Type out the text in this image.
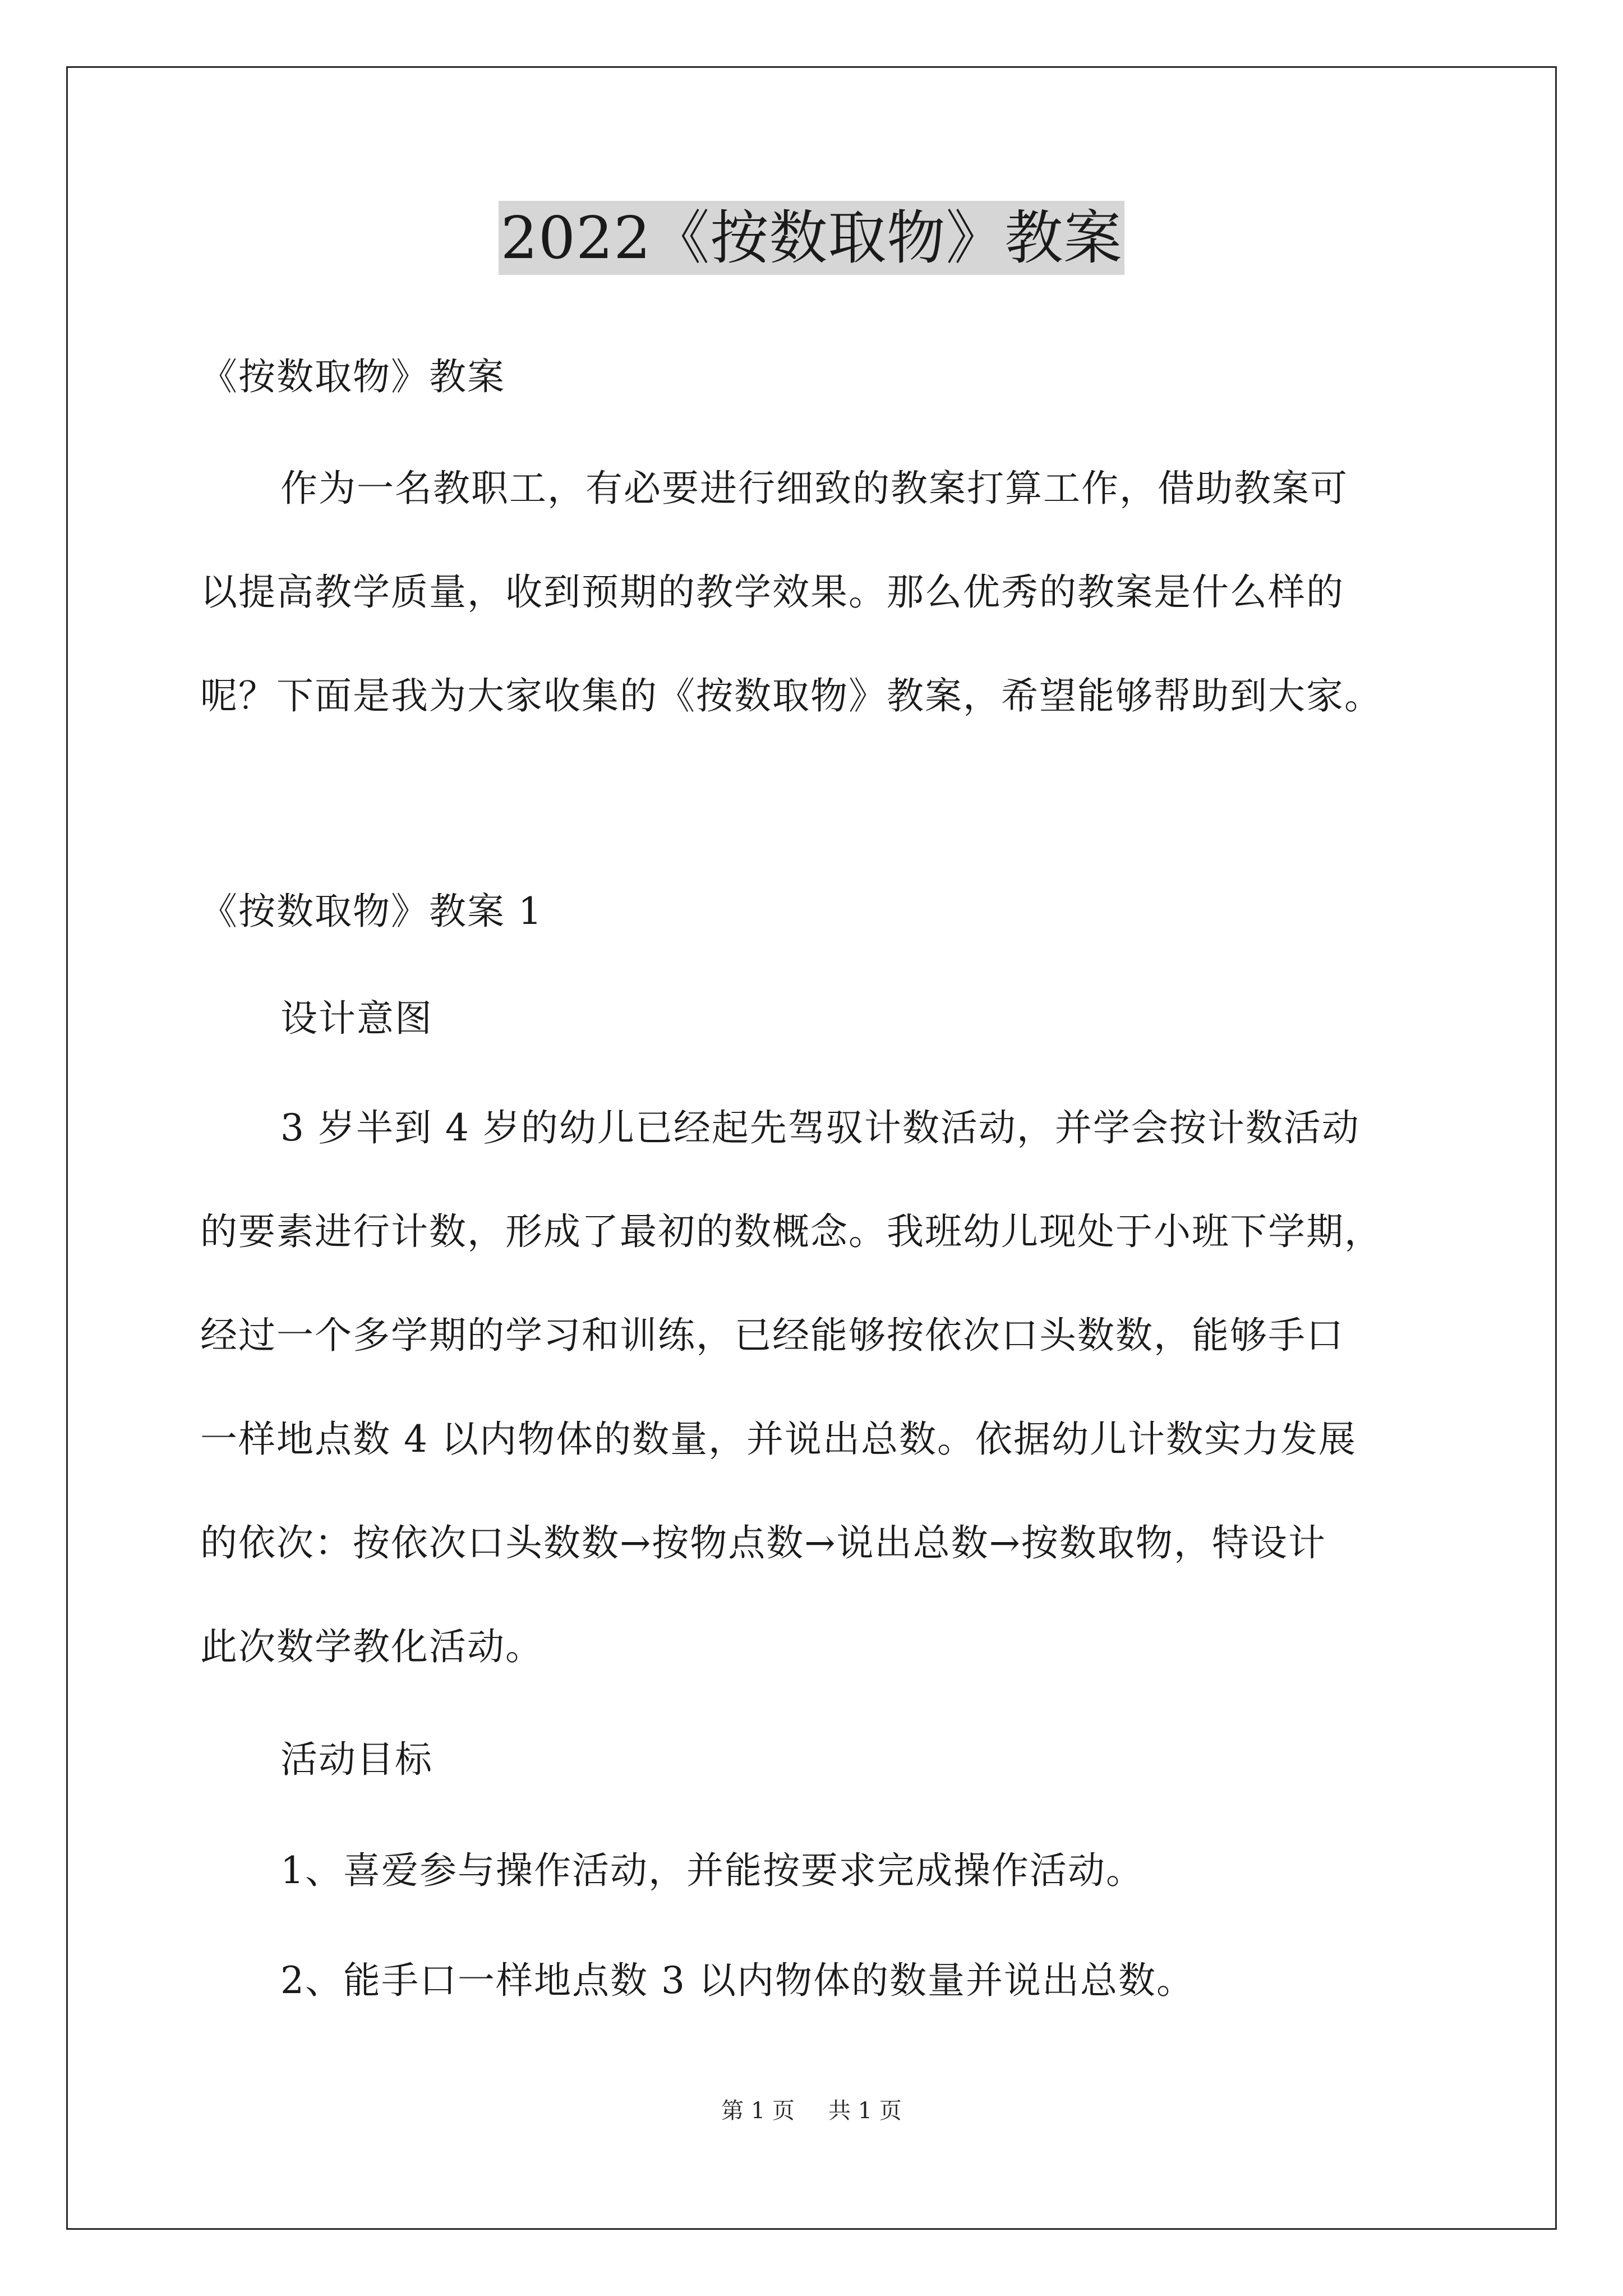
2022《按数取物》教案
《按数取物》教案
作为一名教职工，有必要进行细致的教案打算工作，借助教案可
以提高教学质量，收到预期的教学效果。那么优秀的教案是什么样的
呢？下面是我为大家收集的《按数取物》教案，希望能够帮助到大家。
《按数取物》教案 1
设计意图
3 岁半到 4 岁的幼儿已经起先驾驭计数活动，并学会按计数活动
的要素进行计数，形成了最初的数概念。我班幼儿现处于小班下学期，
经过一个多学期的学习和训练，已经能够按依次口头数数，能够手口
一样地点数 4 以内物体的数量，并说出总数。依据幼儿计数实力发展
的依次：按依次口头数数→按物点数→说出总数→按数取物，特设计
此次数学教化活动。
活动目标
1、喜爱参与操作活动，并能按要求完成操作活动。
2、能手口一样地点数 3 以内物体的数量并说出总数。
第 1 页 共 1 页
